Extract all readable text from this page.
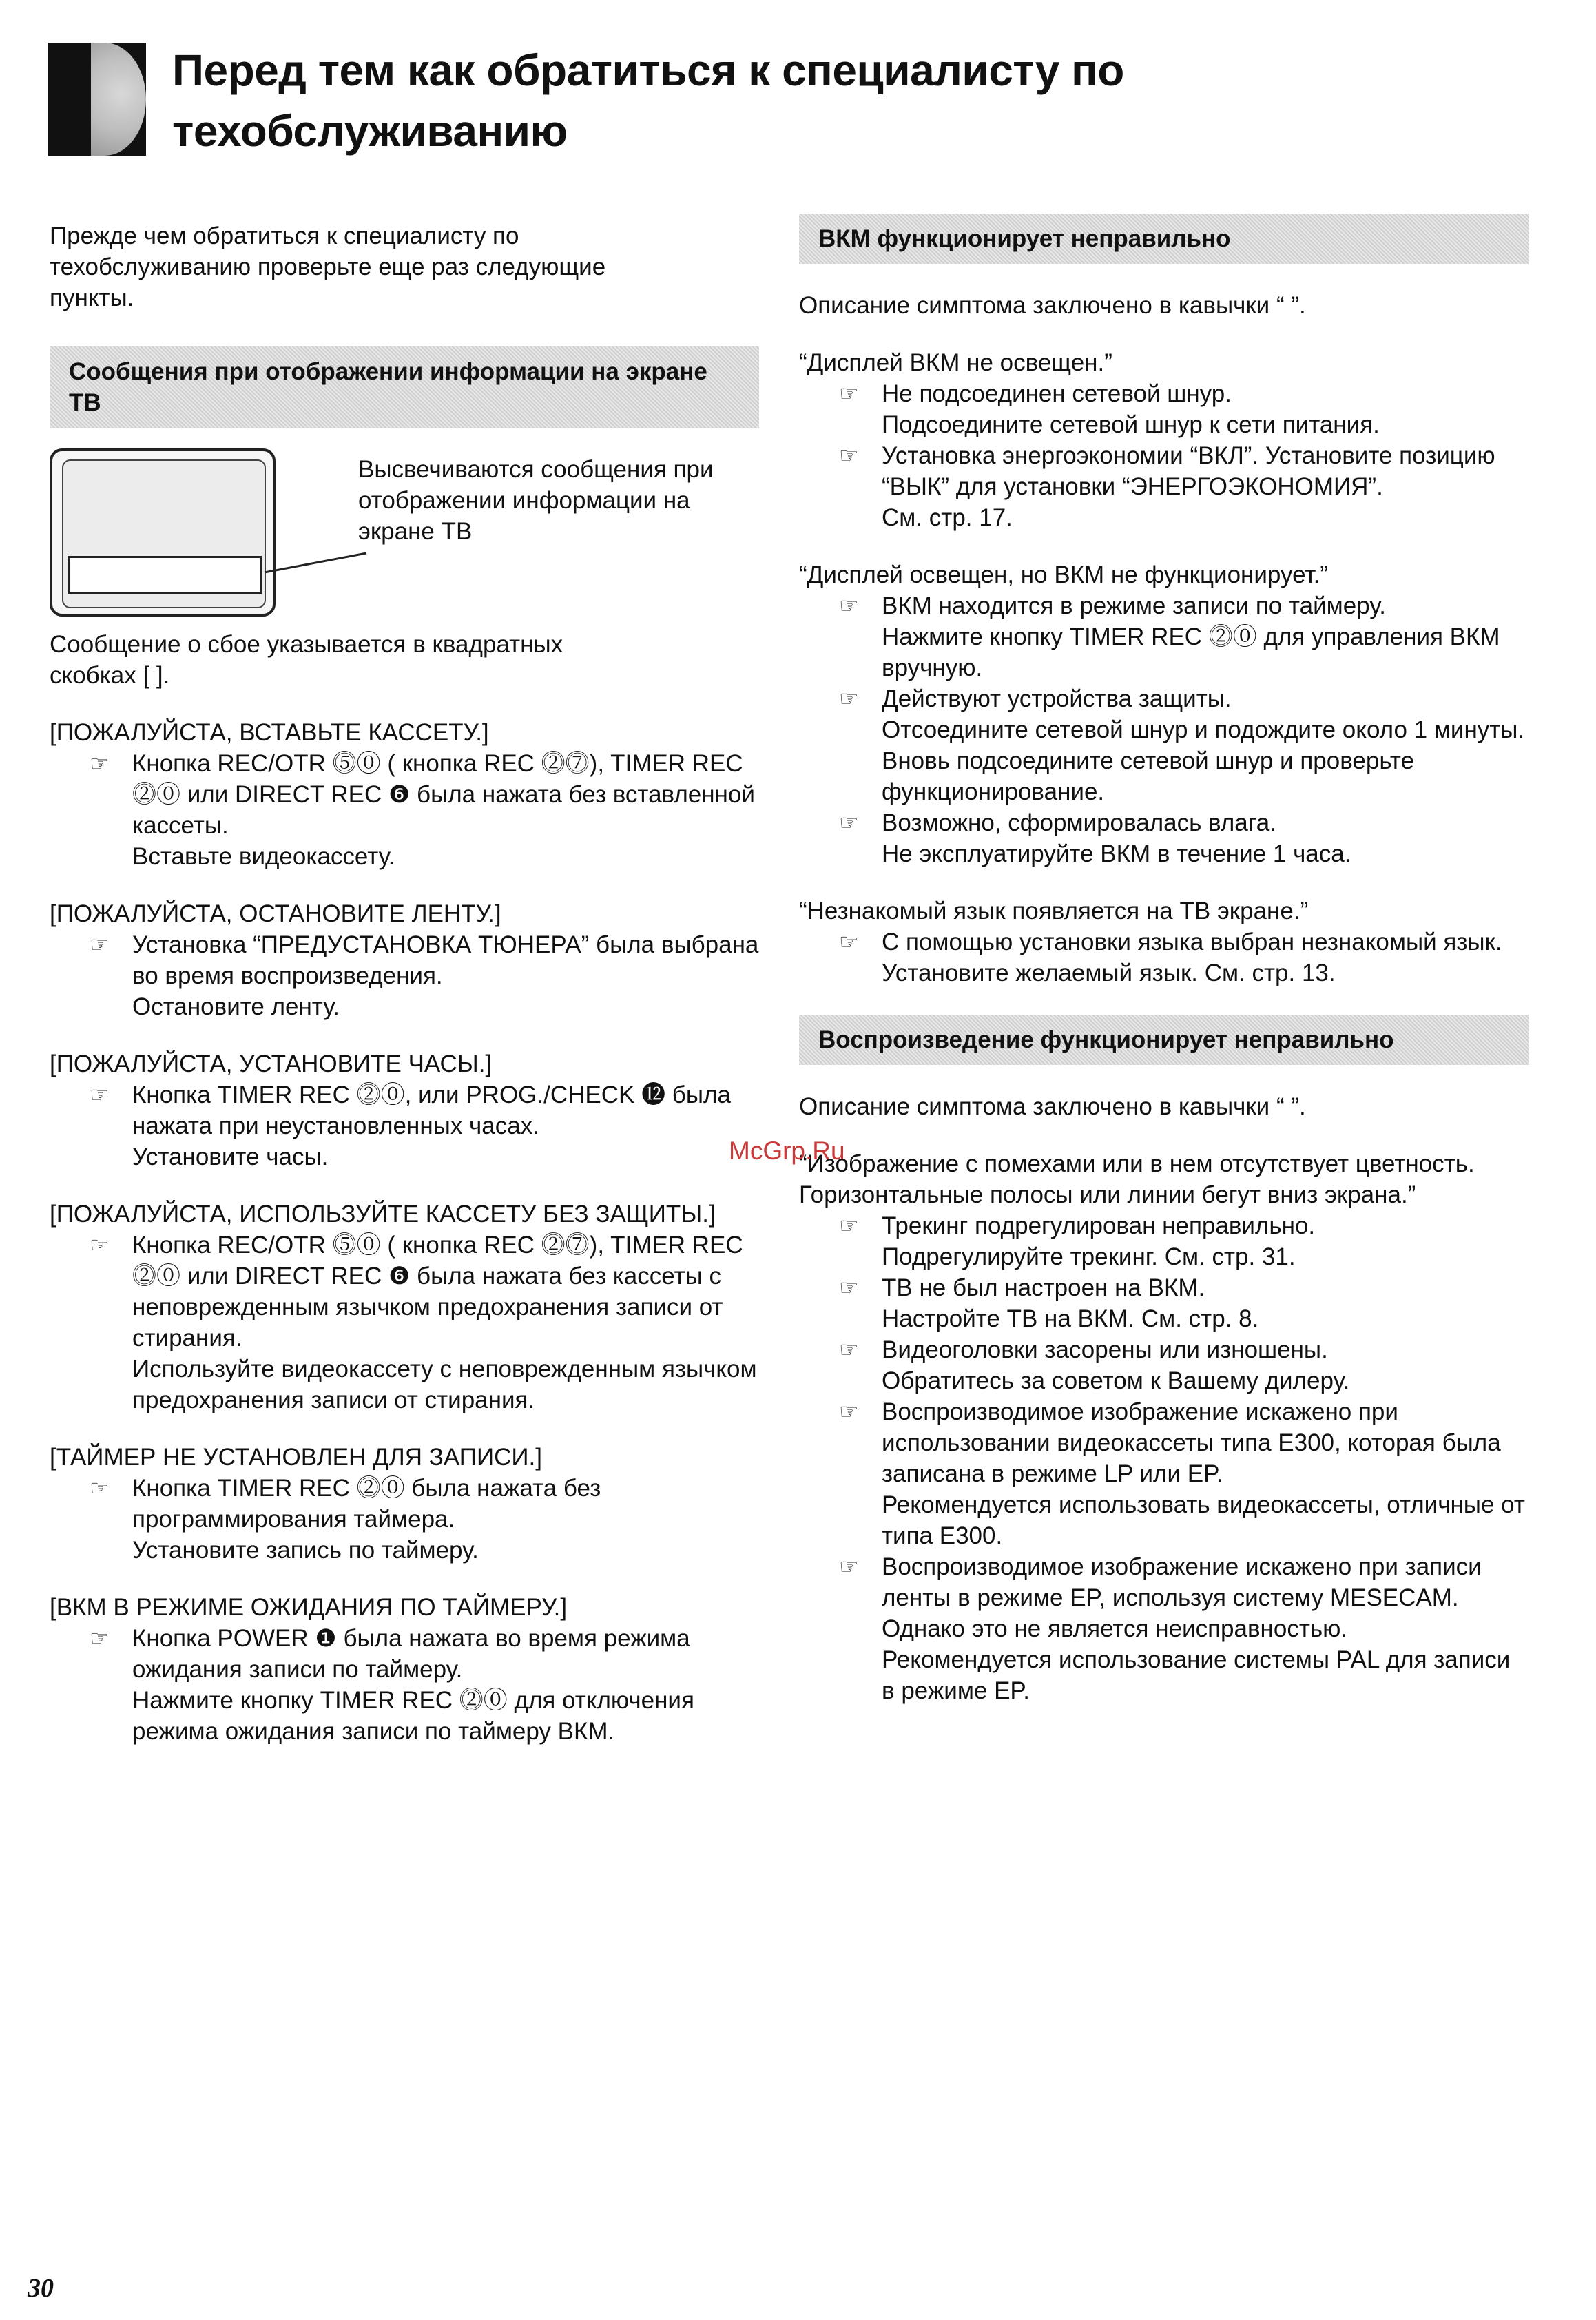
Перед тем как обратиться к специалисту по техобслуживанию

Прежде чем обратиться к специалисту по техобслуживанию проверьте еще раз следующие пункты.

Сообщения при отображении информации на экране ТВ

Высвечиваются сообщения при отображении информации на экране ТВ

Сообщение о сбое указывается в квадратных скобках [ ].

[ПОЖАЛУЙСТА, ВСТАВЬТЕ КАССЕТУ.]

☞ Кнопка REC/OTR ⓹⓪ ( кнопка REC ⓶⓻), TIMER REC ⓶⓪ или DIRECT REC ❻ была нажата без вставленной кассеты.

Вставьте видеокассету.

[ПОЖАЛУЙСТА, ОСТАНОВИТЕ ЛЕНТУ.]

☞ Установка “ПРЕДУСТАНОВКА ТЮНЕРА” была выбрана во время воспроизведения.

Остановите ленту.

[ПОЖАЛУЙСТА, УСТАНОВИТЕ ЧАСЫ.]

☞ Кнопка TIMER REC ⓶⓪, или PROG./CHECK ⓬ была нажата при неустановленных часах.

Установите часы.

[ПОЖАЛУЙСТА, ИСПОЛЬЗУЙТЕ КАССЕТУ БЕЗ ЗАЩИТЫ.]

☞ Кнопка REC/OTR ⓹⓪ ( кнопка REC ⓶⓻), TIMER REC ⓶⓪ или DIRECT REC ❻ была нажата без кассеты с неповрежденным язычком предохранения записи от стирания.

Используйте видеокассету с неповрежденным язычком предохранения записи от стирания.

[ТАЙМЕР НЕ УСТАНОВЛЕН ДЛЯ ЗАПИСИ.]

☞ Кнопка TIMER REC ⓶⓪ была нажата без программирования таймера.

Установите запись по таймеру.

[ВКМ В РЕЖИМЕ ОЖИДАНИЯ ПО ТАЙМЕРУ.]

☞ Кнопка POWER ❶ была нажата во время режима ожидания записи по таймеру.

Нажмите кнопку TIMER REC ⓶⓪ для отключения режима ожидания записи по таймеру ВКМ.

ВКМ функционирует неправильно

Описание симптома заключено в кавычки “ ”.

“Дисплей ВКМ не освещен.”

☞ Не подсоединен сетевой шнур.

Подсоедините сетевой шнур к сети питания.

☞ Установка энергоэкономии “ВКЛ”. Установите позицию “ВЫК” для установки “ЭНЕРГОЭКОНОМИЯ”.

См. стр. 17.

“Дисплей освещен, но ВКМ не функционирует.”

☞ ВКМ находится в режиме записи по таймеру.

Нажмите кнопку TIMER REC ⓶⓪ для управления ВКМ вручную.

☞ Действуют устройства защиты.

Отсоедините сетевой шнур и подождите около 1 минуты.

Вновь подсоедините сетевой шнур и проверьте функционирование.

☞ Возможно, сформировалась влага.

Не эксплуатируйте ВКМ в течение 1 часа.

“Незнакомый язык появляется на ТВ экране.”

☞ С помощью установки языка выбран незнакомый язык.

Установите желаемый язык. См. стр. 13.

Воспроизведение функционирует неправильно

Описание симптома заключено в кавычки “ ”.

“Изображение с помехами или в нем отсутствует цветность. Горизонтальные полосы или линии бегут вниз экрана.”

☞ Трекинг подрегулирован неправильно.

Подрегулируйте трекинг. См. стр. 31.

☞ ТВ не был настроен на ВКМ.

Настройте ТВ на ВКМ. См. стр. 8.

☞ Видеоголовки засорены или изношены.

Обратитесь за советом к Вашему дилеру.

☞ Воспроизводимое изображение искажено при использовании видеокассеты типа E300, которая была записана в режиме LP или EP.

Рекомендуется использовать видеокассеты, отличные от типа E300.

☞ Воспроизводимое изображение искажено при записи ленты в режиме EP, используя систему MESECAM.

Однако это не является неисправностью.

Рекомендуется использование системы PAL для записи в режиме EP.

McGrp.Ru
30
